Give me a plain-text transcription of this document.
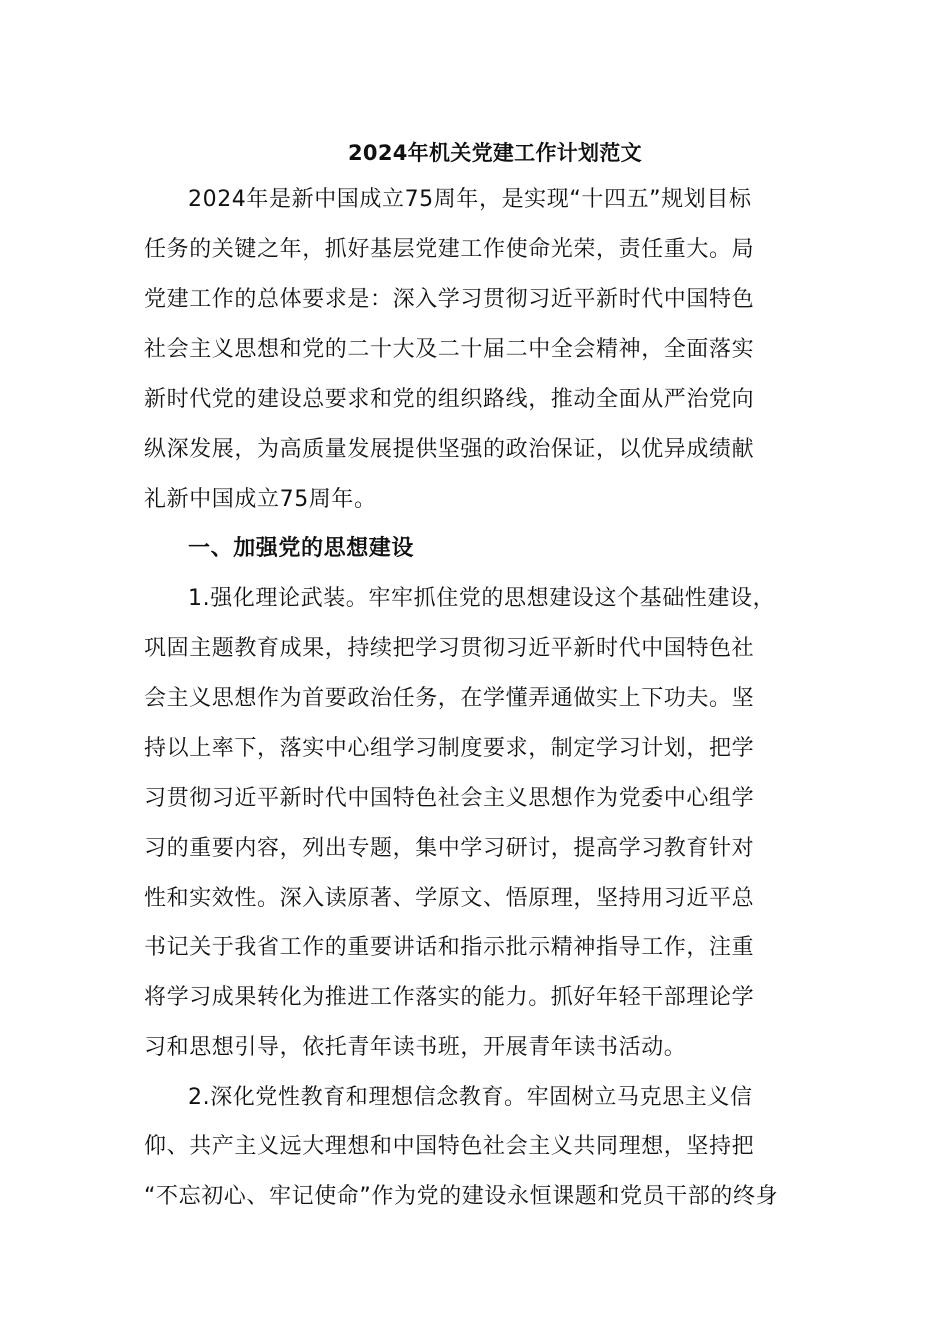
2024年机关党建工作计划范文
2024年是新中国成立75周年，是实现“十四五”规划目标
任务的关键之年，抓好基层党建工作使命光荣，责任重大。局
党建工作的总体要求是：深入学习贯彻习近平新时代中国特色
社会主义思想和党的二十大及二十届二中全会精神，全面落实
新时代党的建设总要求和党的组织路线，推动全面从严治党向
纵深发展，为高质量发展提供坚强的政治保证，以优异成绩献
礼新中国成立75周年。
一、加强党的思想建设
1.强化理论武装。牢牢抓住党的思想建设这个基础性建设，
巩固主题教育成果，持续把学习贯彻习近平新时代中国特色社
会主义思想作为首要政治任务，在学懂弄通做实上下功夫。坚
持以上率下，落实中心组学习制度要求，制定学习计划，把学
习贯彻习近平新时代中国特色社会主义思想作为党委中心组学
习的重要内容，列出专题，集中学习研讨，提高学习教育针对
性和实效性。深入读原著、学原文、悟原理，坚持用习近平总
书记关于我省工作的重要讲话和指示批示精神指导工作，注重
将学习成果转化为推进工作落实的能力。抓好年轻干部理论学
习和思想引导，依托青年读书班，开展青年读书活动。
2.深化党性教育和理想信念教育。牢固树立马克思主义信
仰、共产主义远大理想和中国特色社会主义共同理想，坚持把
“不忘初心、牢记使命”作为党的建设永恒课题和党员干部的终身
